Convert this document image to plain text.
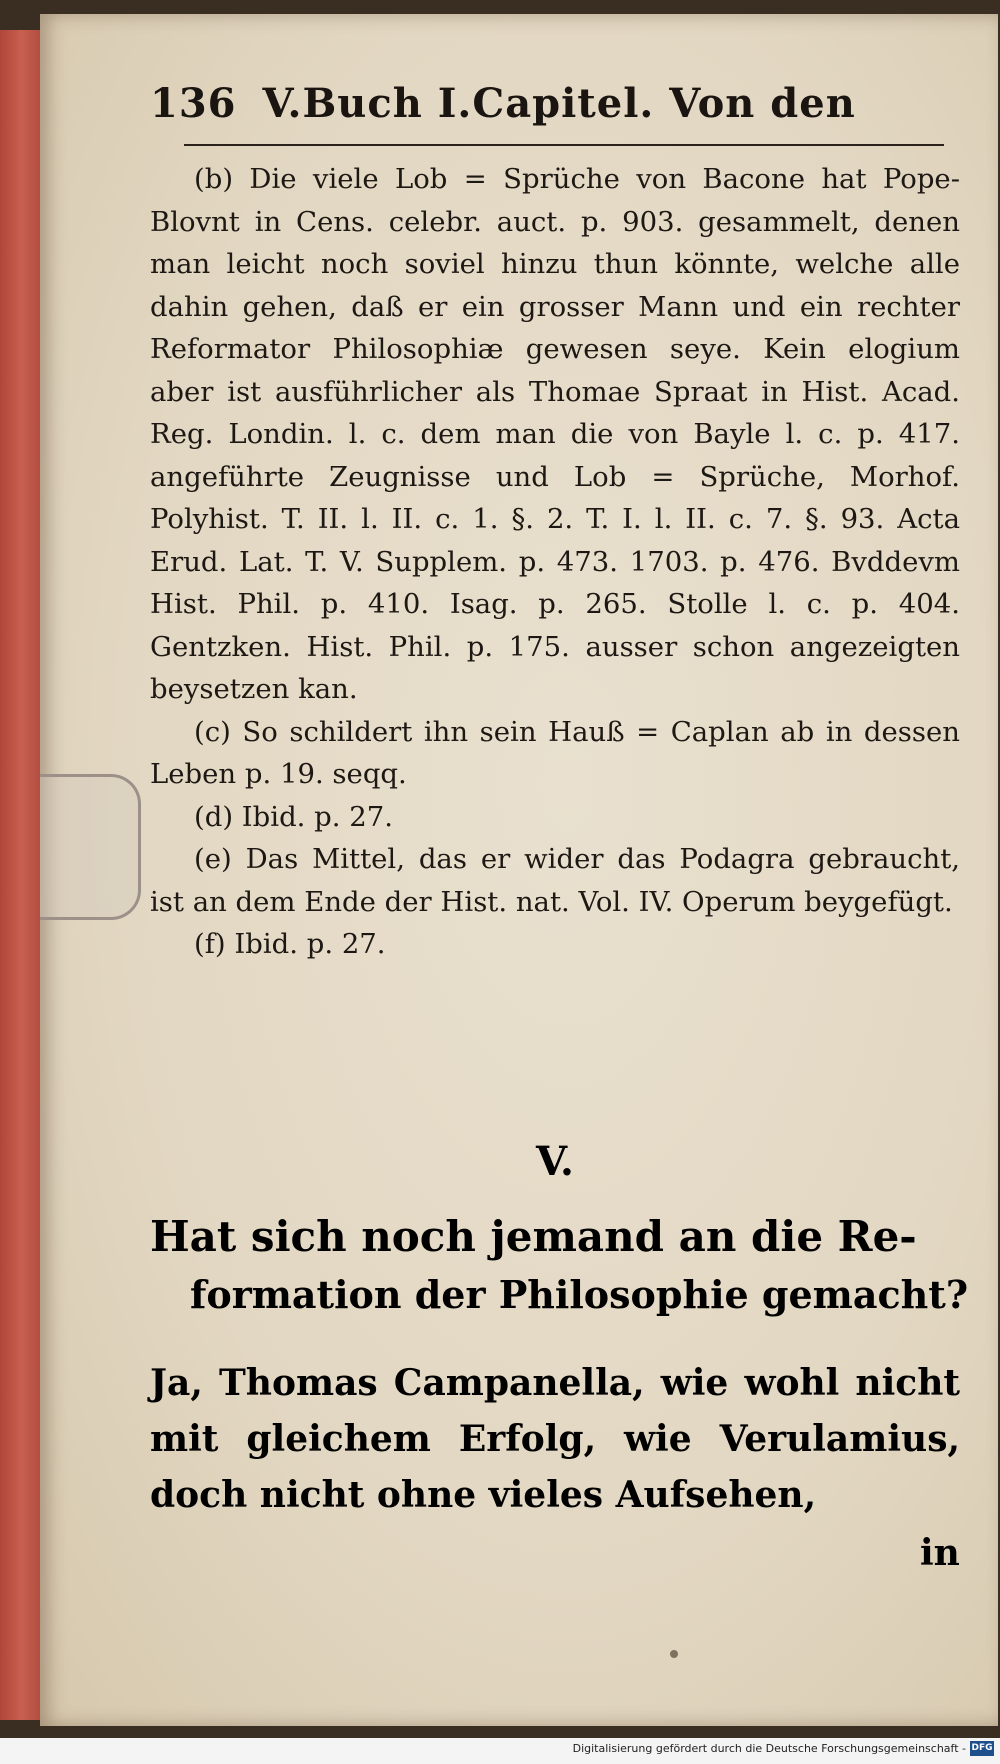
136 V.Buch I.Capitel. Von den

(b) Die viele Lob = Sprüche von Bacone hat Pope-Blovnt in Cens. celebr. auct. p. 903. gesammelt, denen man leicht noch soviel hinzu thun könnte, welche alle dahin gehen, daß er ein grosser Mann und ein rechter Reformator Philosophiæ gewesen seye. Kein elogium aber ist ausführlicher als Thomae Spraat in Hist. Acad. Reg. Londin. l. c. dem man die von Bayle l. c. p. 417. angeführte Zeugnisse und Lob = Sprüche, Morhof. Polyhist. T. II. l. II. c. 1. §. 2. T. I. l. II. c. 7. §. 93. Acta Erud. Lat. T. V. Supplem. p. 473. 1703. p. 476. Bvddevm Hist. Phil. p. 410. Isag. p. 265. Stolle l. c. p. 404. Gentzken. Hist. Phil. p. 175. ausser schon angezeigten beysetzen kan.

(c) So schildert ihn sein Hauß = Caplan ab in dessen Leben p. 19. seqq.

(d) Ibid. p. 27.

(e) Das Mittel, das er wider das Podagra gebraucht, ist an dem Ende der Hist. nat. Vol. IV. Operum beygefügt.

(f) Ibid. p. 27.

V.
Hat sich noch jemand an die Re-
formation der Philosophie gemacht?
Ja, Thomas Campanella, wie wohl nicht mit gleichem Erfolg, wie Verulamius, doch nicht ohne vieles Aufsehen,
in
Digitalisierung gefördert durch die Deutsche Forschungsgemeinschaft - DFG
